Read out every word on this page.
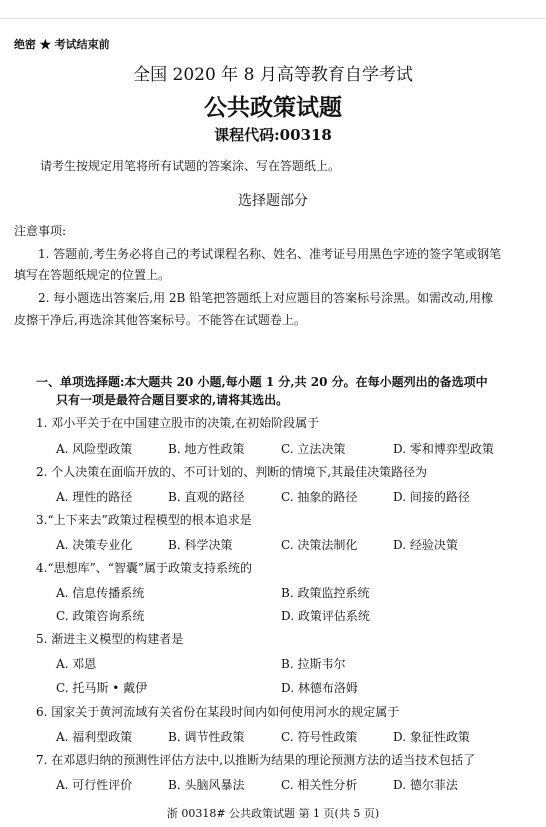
绝密 ★ 考试结束前
全国 2020 年 8 月高等教育自学考试
公共政策试题
课程代码:00318
请考生按规定用笔将所有试题的答案涂、写在答题纸上。
选择题部分
注意事项:
1. 答题前,考生务必将自己的考试课程名称、姓名、准考证号用黑色字迹的签字笔或钢笔
填写在答题纸规定的位置上。
2. 每小题选出答案后,用 2B 铅笔把答题纸上对应题目的答案标号涂黑。如需改动,用橡
皮擦干净后,再选涂其他答案标号。不能答在试题卷上。
一、单项选择题:本大题共 20 小题,每小题 1 分,共 20 分。在每小题列出的备选项中
只有一项是最符合题目要求的,请将其选出。
1. 邓小平关于在中国建立股市的决策,在初始阶段属于
A. 风险型政策	B. 地方性政策	C. 立法决策	D. 零和博弈型政策
2. 个人决策在面临开放的、不可计划的、判断的情境下,其最佳决策路径为
A. 理性的路径	B. 直观的路径	C. 抽象的路径	D. 间接的路径
3.“上下来去”政策过程模型的根本追求是
A. 决策专业化	B. 科学决策	C. 决策法制化	D. 经验决策
4.“思想库”、“智囊”属于政策支持系统的
A. 信息传播系统	B. 政策监控系统
C. 政策咨询系统	D. 政策评估系统
5. 渐进主义模型的构建者是
A. 邓恩	B. 拉斯韦尔
C. 托马斯 • 戴伊	D. 林德布洛姆
6. 国家关于黄河流域有关省份在某段时间内如何使用河水的规定属于
A. 福利型政策	B. 调节性政策	C. 符号性政策	D. 象征性政策
7. 在邓恩归纳的预测性评估方法中,以推断为结果的理论预测方法的适当技术包括了
A. 可行性评价	B. 头脑风暴法	C. 相关性分析	D. 德尔菲法
浙 00318# 公共政策试题 第 1 页(共 5 页)
